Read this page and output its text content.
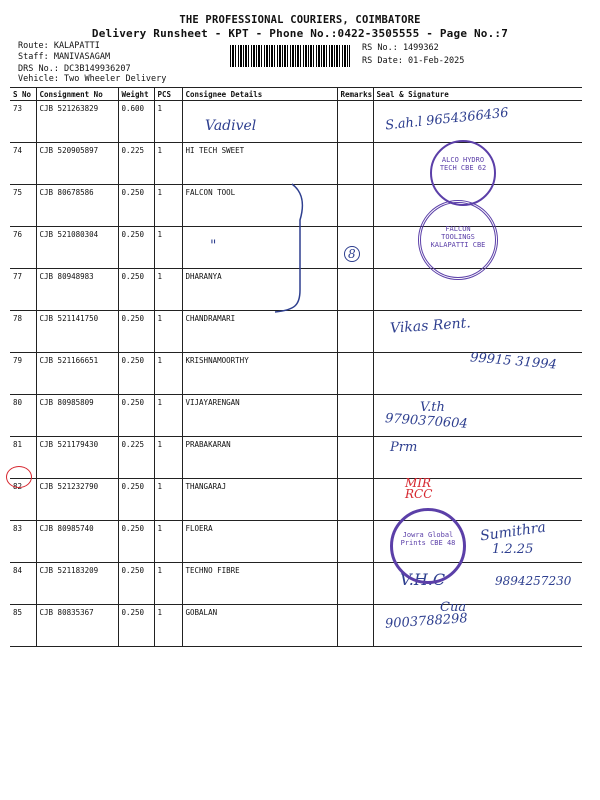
THE PROFESSIONAL COURIERS, COIMBATORE
Delivery Runsheet - KPT - Phone No.:0422-3505555 - Page No.:7
Route: KALAPATTI
Staff: MANIVASAGAM
DRS No.: DC3B149936207
Vehicle: Two Wheeler Delivery
RS No.: 1499362
RS Date: 01-Feb-2025
S No	Consignment No	Weight	PCS	Consignee Details	Remarks	Seal & Signature
73	CJB 521263829	0.600	1			
74	CJB 520905897	0.225	1	HI TECH SWEET		
75	CJB 80678586	0.250	1	FALCON TOOL		
76	CJB 521080304	0.250	1			
77	CJB 80948983	0.250	1	DHARANYA		
78	CJB 521141750	0.250	1	CHANDRAMARI		
79	CJB 521166651	0.250	1	KRISHNAMOORTHY		
80	CJB 80985809	0.250	1	VIJAYARENGAN		
81	CJB 521179430	0.225	1	PRABAKARAN		
82	CJB 521232790	0.250	1	THANGARAJ		
83	CJB 80985740	0.250	1	FLOERA		
84	CJB 521183209	0.250	1	TECHNO FIBRE		
85	CJB 80835367	0.250	1	GOBALAN		
Vadivel	S.ah.l 9654366436
"	8
Vikas Rent.
99915 31994
V.th
9790370604
Prm
MIR RCC
Sumithra
1.2.25
V.H.C	9894257230
Cua
9003788298
ALCO HYDRO TECH CBE 62
FALCON TOOLINGS KALAPATTI CBE
Jowra Global Prints CBE 48
